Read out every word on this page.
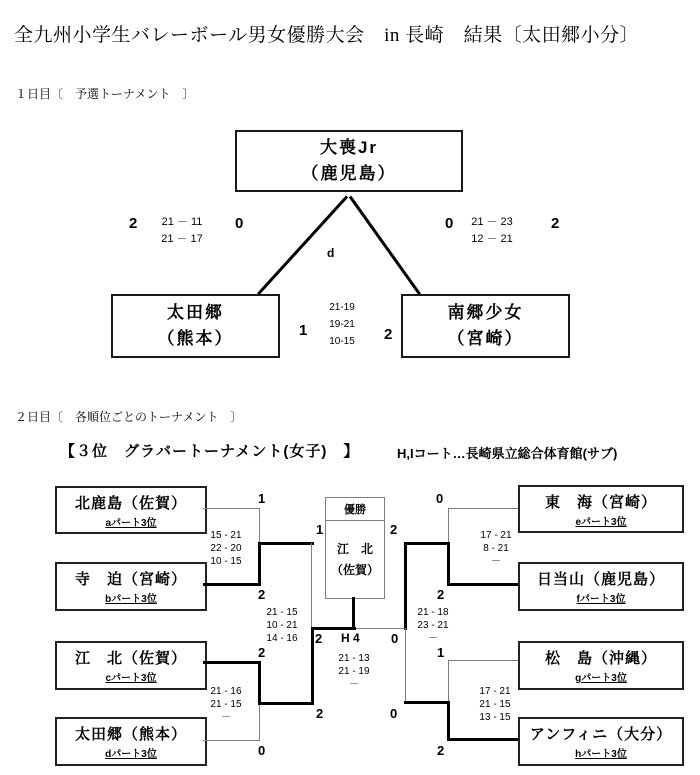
全九州小学生バレーボール男女優勝大会　in 長崎　結果〔太田郷小分〕
１日目〔　予選トーナメント　〕
大喪Jr
（鹿児島）
太田郷
（熊本）
南郷少女
（宮崎）
d
2	21 － 11
21 － 17
0	0	21 － 23
12 － 21
2
1
21-19
19-21
10-15	2
２日目〔　各順位ごとのトーナメント　〕
【３位　グラバートーナメント(女子)　】	H,Iコート…長崎県立総合体育館(サブ)
北鹿島（佐賀）
aパート3位
寺　迫（宮崎）
bパート3位
江　北（佐賀）
cパート3位
太田郷（熊本）
dパート3位
東　海（宮崎）
eパート3位
日当山（鹿児島）
fパート3位
松　島（沖縄）
gパート3位
アンフィニ（大分）
hパート3位
優勝
江　北
（佐賀）
1
2
2
0
0
2
1
2
1
2
2
0
2	0
H 4
15 - 21
22 - 20
10 - 15
21 - 16
21 - 15
－
17 - 21
8 - 21
－
17 - 21
21 - 15
13 - 15
21 - 15
10 - 21
14 - 16
21 - 18
23 - 21
－
21 - 13
21 - 19
－
